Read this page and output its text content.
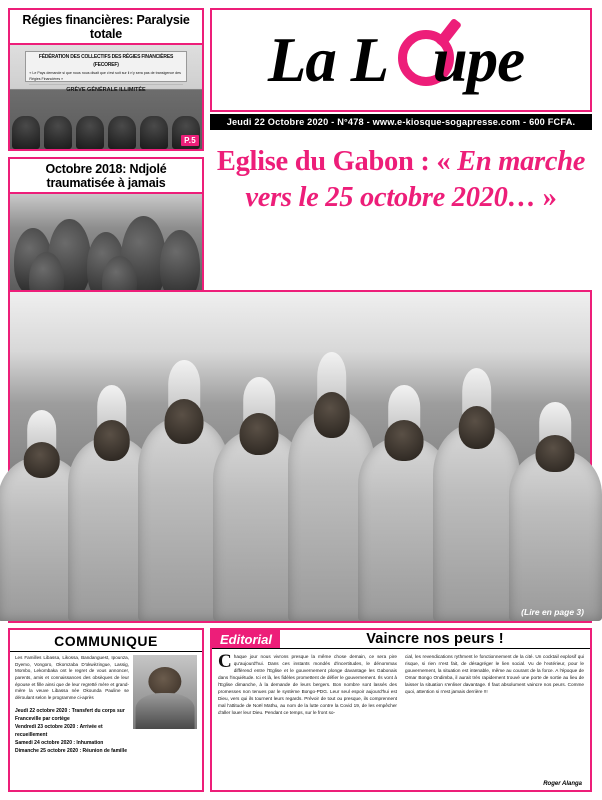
Régies financières: Paralysie totale
FÉDÉRATION DES COLLECTIFS DES RÉGIES FINANCIÈRES
(FECOREF)
« Le Pays demande si que nous nous disait que c'est soit sur il n'y sera pas de transigence des Régies Financières »
GRÈVE GÉNÉRALE ILLIMITÉE
P.5
Octobre 2018: Ndjolé traumatisée à jamais
La L upe
Jeudi 22 Octobre 2020 - N°478 - www.e-kiosque-sogapresse.com - 600 FCFA.
Eglise du Gabon : « En marche
vers le 25 octobre 2020… »
(Lire en page 3)
COMMUNIQUE
Les Familles Libassa, Likossa, Bandanguest, Ipounza, Dyemo, Vongoro, Okomzaba D'okwèzingue, Lassig, Mombo, Lekombaka ont le regret de vous annoncer, parents, amis et connaissances des obsèques de leur épouse et fille ainsi que de leur regretté mère et grand-mère la veuve Libassa née Okounda Pauline se déroulant selon le programme ci-après
Jeudi 22 octobre 2020 : Transfert du corps sur Franceville par cortège
Vendredi 23 octobre 2020 : Arrivée et recueillement
Samedi 24 octobre 2020 : Inhumation
Dimanche 25 octobre 2020 : Réunion de famille
Editorial	Vaincre nos peurs !
Chaque jour nous vivrons presque la même chose demain, ce sera pire qu'aujourd'hui. Dans ces instants mondés d'incertitudes, le dénommax diffèrend entre l'Eglise et le gouvernement plonge davantage les Gabonais dans l'inquiétude. Ici et là, les fidèles promettent de défier le gouvernement. Ils vont à l'Eglise dimanche, à la demande de leurs bergers. Bon nombre sont lassés des promesses non tenues par le système Bongo-PDG. Leur seul espoir aujourd'hui est Dieu, vers qui ils tournent leurs regards. Prévoir de tout ou presque, ils comprennent mal l'attitude de Noël Mathu, au nom de la lutte contre la Covid 19, de les empêcher d'aller louer leur Dieu. Pendant ce temps, sur le front so-
cial, les revendications rythment le fonctionnement de la cité. Un cocktail explosif qui risque, si rien n'est fait, de désagréger le lien social. Vu de l'extérieur, pour le gouvernement, la situation est intenable, même au courant de la force. A l'époque de Omar Bongo Ondimba, il aurait très rapidement trouvé une porte de sortie au lieu de laisser la situation s'enliser davantage. Il faut absolument vaincre nos peurs. Comme quoi, attention si n'est jamais derrière !!!
Roger Alanga
